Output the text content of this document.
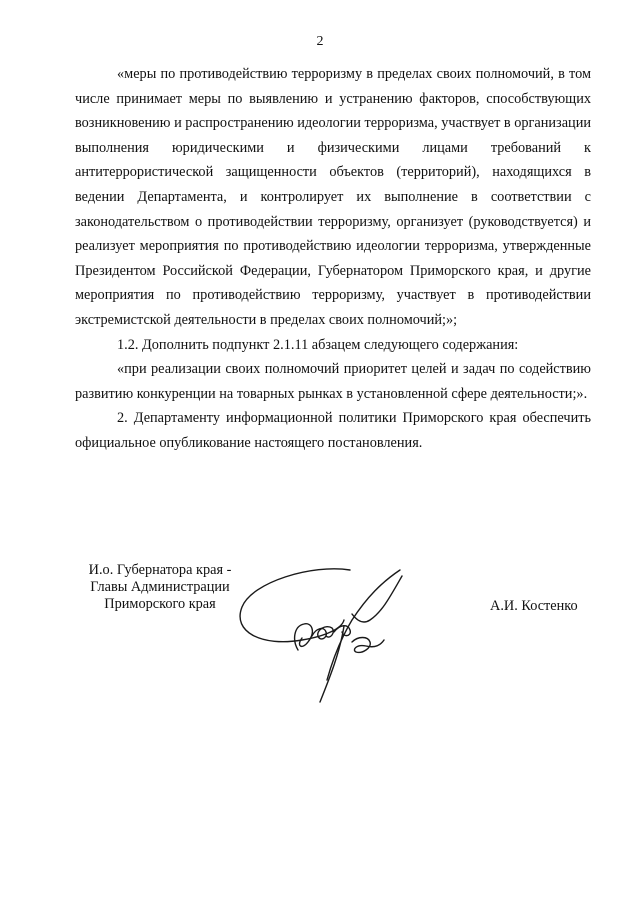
2

«меры по противодействию терроризму в пределах своих полномочий, в том числе принимает меры по выявлению и устранению факторов, способствующих возникновению и распространению идеологии терроризма, участвует в организации выполнения юридическими и физическими лицами требований к антитеррористической защищенности объектов (территорий), находящихся в ведении Департамента, и контролирует их выполнение в соответствии с законодательством о противодействии терроризму, организует (руководствуется) и реализует мероприятия по противодействию идеологии терроризма, утвержденные Президентом Российской Федерации, Губернатором Приморского края, и другие мероприятия по противодействию терроризму, участвует в противодействии экстремистской деятельности в пределах своих полномочий;»;

1.2. Дополнить подпункт 2.1.11 абзацем следующего содержания:

«при реализации своих полномочий приоритет целей и задач по содействию развитию конкуренции на товарных рынках в установленной сфере деятельности;».

2. Департаменту информационной политики Приморского края обеспечить официальное опубликование настоящего постановления.

И.о. Губернатора края -
Главы Администрации
Приморского края	А.И. Костенко
